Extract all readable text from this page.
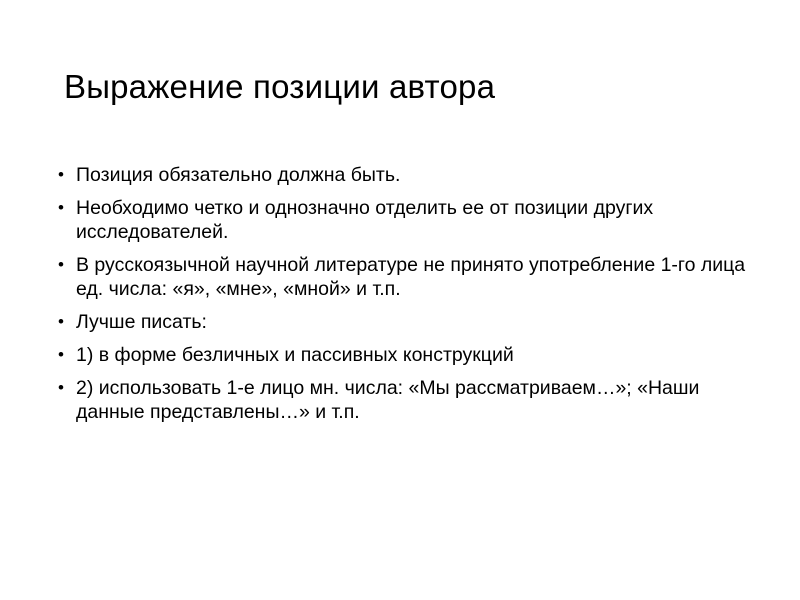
Выражение позиции автора
• Позиция обязательно должна быть.
• Необходимо четко и однозначно отделить ее от позиции других исследователей.
• В русскоязычной научной литературе не принято употребление 1-го лица ед. числа: «я», «мне», «мной» и т.п.
• Лучше писать:
• 1) в форме безличных и пассивных конструкций
• 2) использовать 1-е лицо мн. числа: «Мы рассматриваем…»; «Наши данные представлены…» и т.п.
